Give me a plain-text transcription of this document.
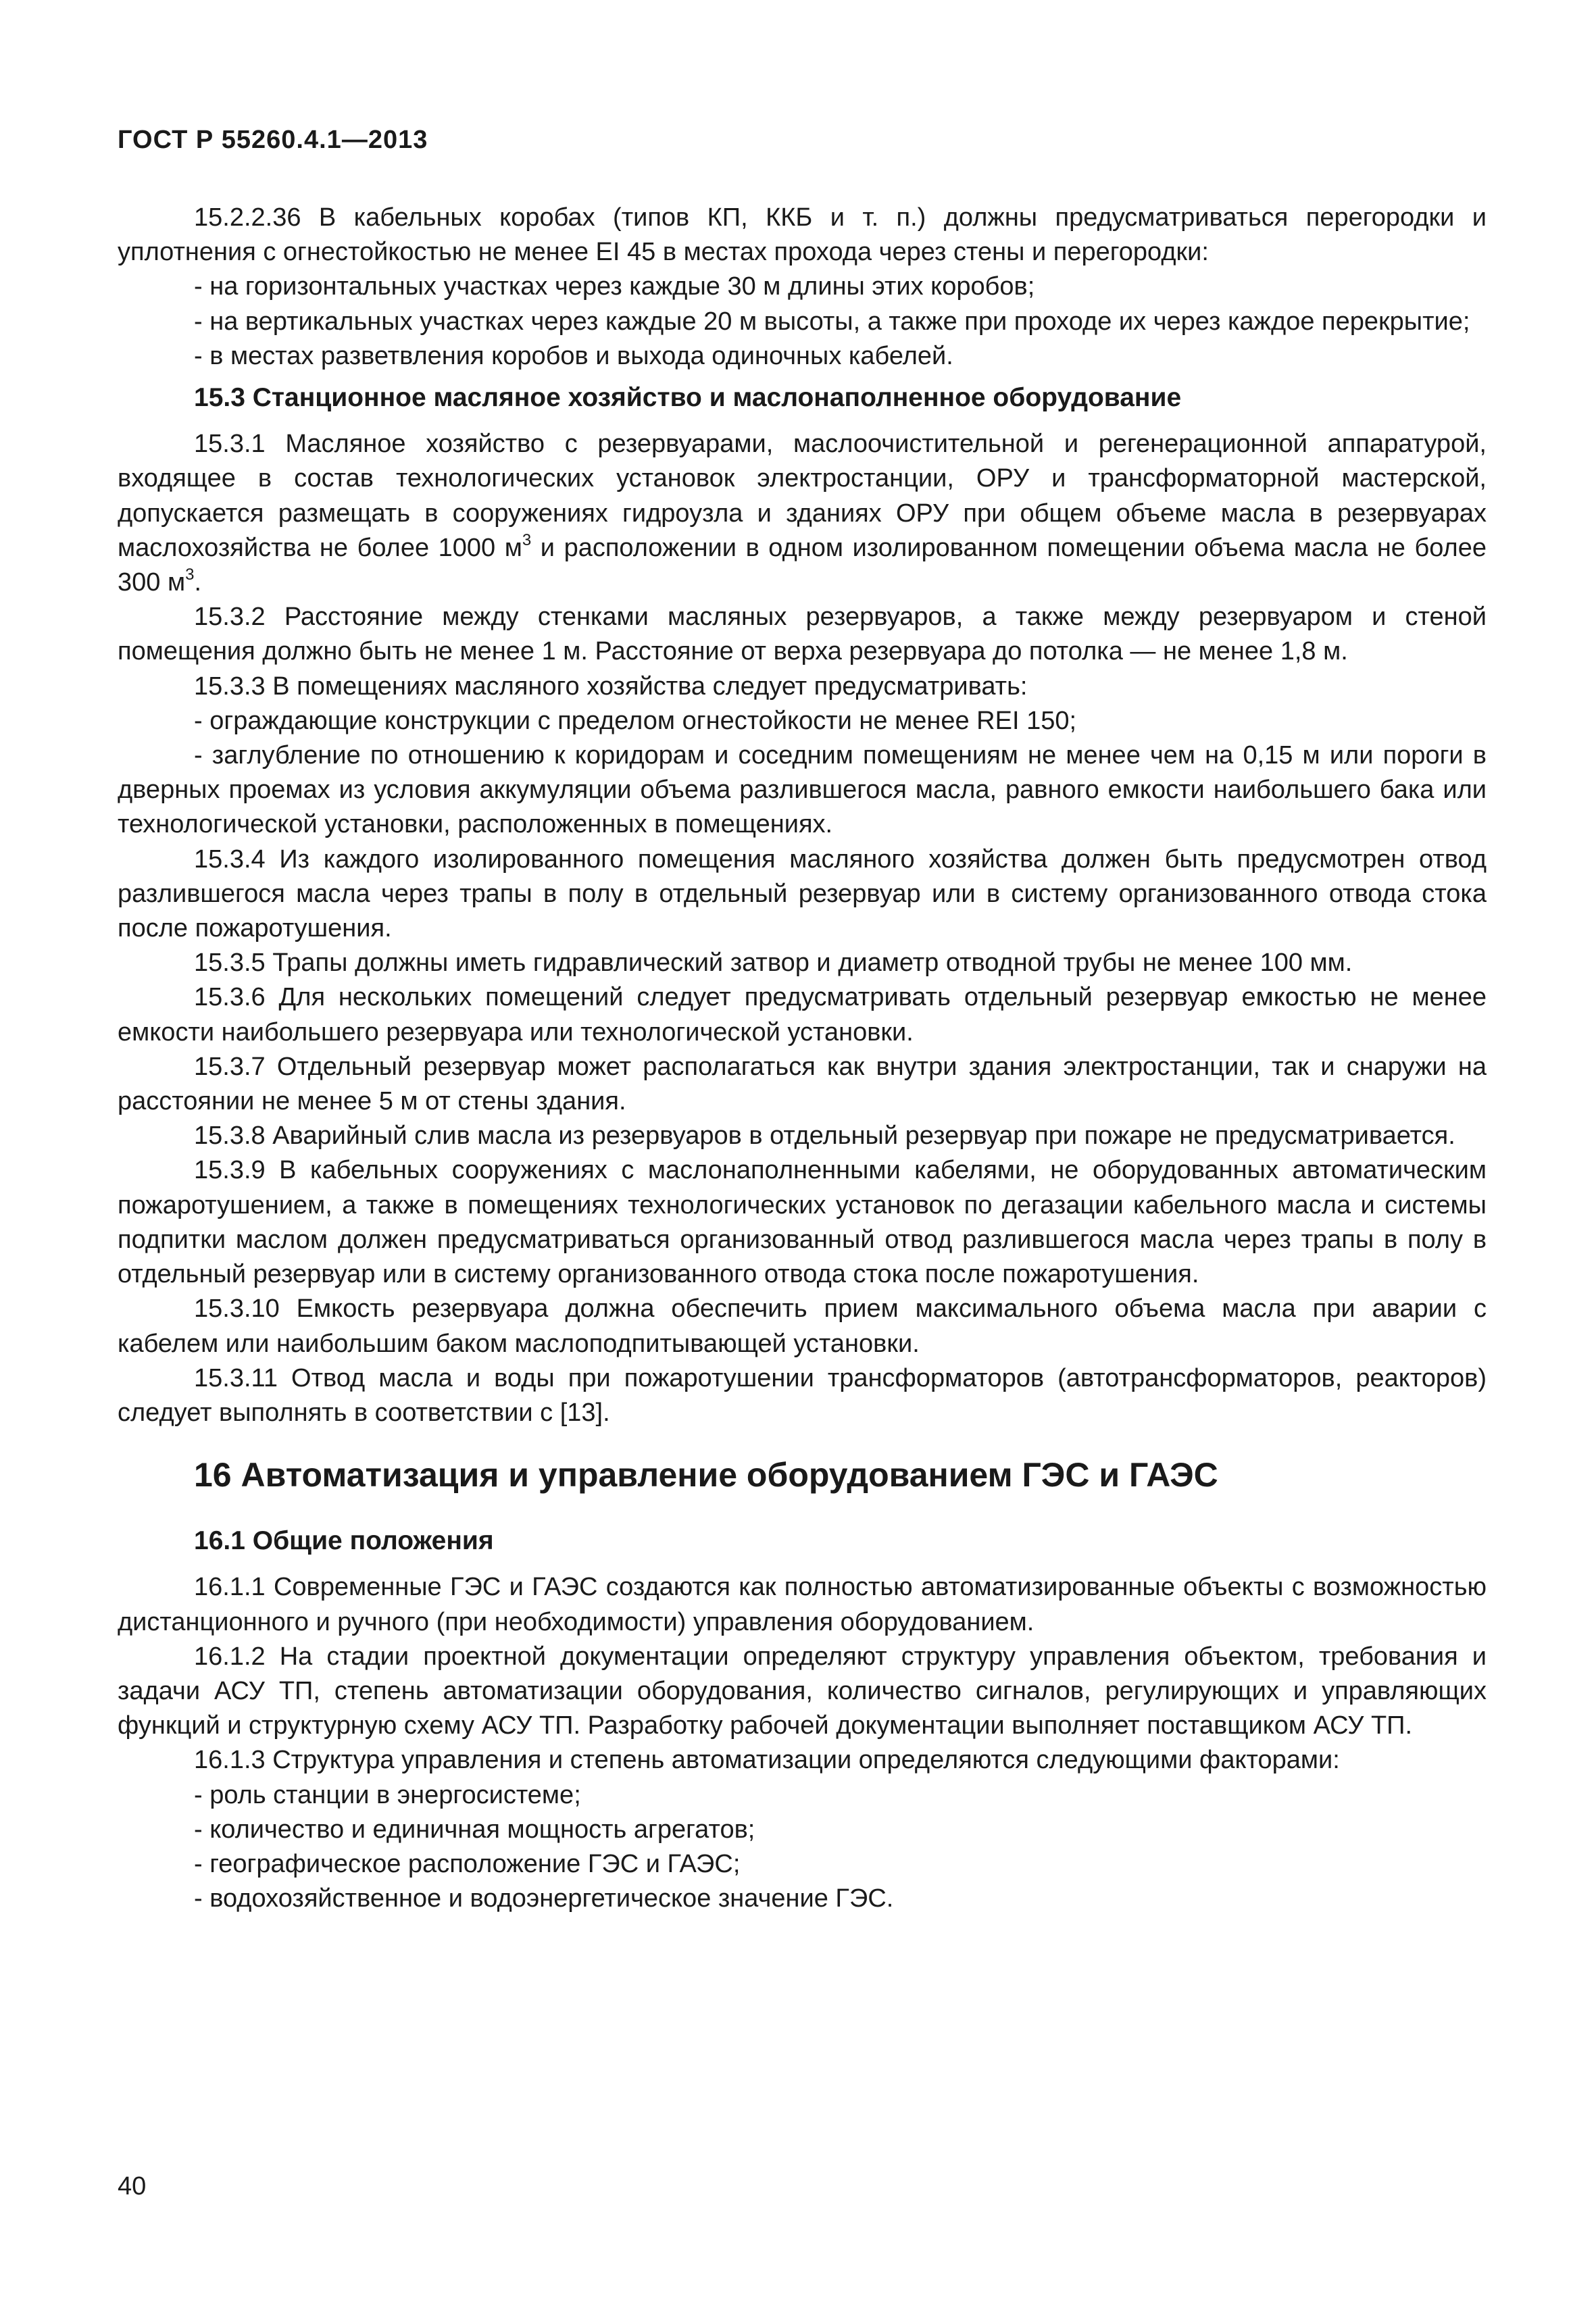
ГОСТ Р 55260.4.1—2013

15.2.2.36 В кабельных коробах (типов КП, ККБ и т. п.) должны предусматриваться перегородки и уплотнения с огнестойкостью не менее EI 45 в местах прохода через стены и перегородки:

- на горизонтальных участках через каждые 30 м длины этих коробов;

- на вертикальных участках через каждые 20 м высоты, а также при проходе их через каждое перекрытие;

- в местах разветвления коробов и выхода одиночных кабелей.

15.3 Станционное масляное хозяйство и маслонаполненное оборудование

15.3.1 Масляное хозяйство с резервуарами, маслоочистительной и регенерационной аппаратурой, входящее в состав технологических установок электростанции, ОРУ и трансформаторной мастерской, допускается размещать в сооружениях гидроузла и зданиях ОРУ при общем объеме масла в резервуарах маслохозяйства не более 1000 $м^3$ и расположении в одном изолированном помещении объема масла не более 300 $м^3$.

15.3.2 Расстояние между стенками масляных резервуаров, а также между резервуаром и стеной помещения должно быть не менее 1 м. Расстояние от верха резервуара до потолка — не менее 1,8 м.

15.3.3 В помещениях масляного хозяйства следует предусматривать:

- ограждающие конструкции с пределом огнестойкости не менее REI 150;

- заглубление по отношению к коридорам и соседним помещениям не менее чем на 0,15 м или пороги в дверных проемах из условия аккумуляции объема разлившегося масла, равного емкости наибольшего бака или технологической установки, расположенных в помещениях.

15.3.4 Из каждого изолированного помещения масляного хозяйства должен быть предусмотрен отвод разлившегося масла через трапы в полу в отдельный резервуар или в систему организованного отвода стока после пожаротушения.

15.3.5 Трапы должны иметь гидравлический затвор и диаметр отводной трубы не менее 100 мм.

15.3.6 Для нескольких помещений следует предусматривать отдельный резервуар емкостью не менее емкости наибольшего резервуара или технологической установки.

15.3.7 Отдельный резервуар может располагаться как внутри здания электростанции, так и снаружи на расстоянии не менее 5 м от стены здания.

15.3.8 Аварийный слив масла из резервуаров в отдельный резервуар при пожаре не предусматривается.

15.3.9 В кабельных сооружениях с маслонаполненными кабелями, не оборудованных автоматическим пожаротушением, а также в помещениях технологических установок по дегазации кабельного масла и системы подпитки маслом должен предусматриваться организованный отвод разлившегося масла через трапы в полу в отдельный резервуар или в систему организованного отвода стока после пожаротушения.

15.3.10 Емкость резервуара должна обеспечить прием максимального объема масла при аварии с кабелем или наибольшим баком маслоподпитывающей установки.

15.3.11 Отвод масла и воды при пожаротушении трансформаторов (автотрансформаторов, реакторов) следует выполнять в соответствии с [13].

16 Автоматизация и управление оборудованием ГЭС и ГАЭС
16.1 Общие положения

16.1.1 Современные ГЭС и ГАЭС создаются как полностью автоматизированные объекты с возможностью дистанционного и ручного (при необходимости) управления оборудованием.

16.1.2 На стадии проектной документации определяют структуру управления объектом, требования и задачи АСУ ТП, степень автоматизации оборудования, количество сигналов, регулирующих и управляющих функций и структурную схему АСУ ТП. Разработку рабочей документации выполняет поставщиком АСУ ТП.

16.1.3 Структура управления и степень автоматизации определяются следующими факторами:

- роль станции в энергосистеме;

- количество и единичная мощность агрегатов;

- географическое расположение ГЭС и ГАЭС;

- водохозяйственное и водоэнергетическое значение ГЭС.

40
